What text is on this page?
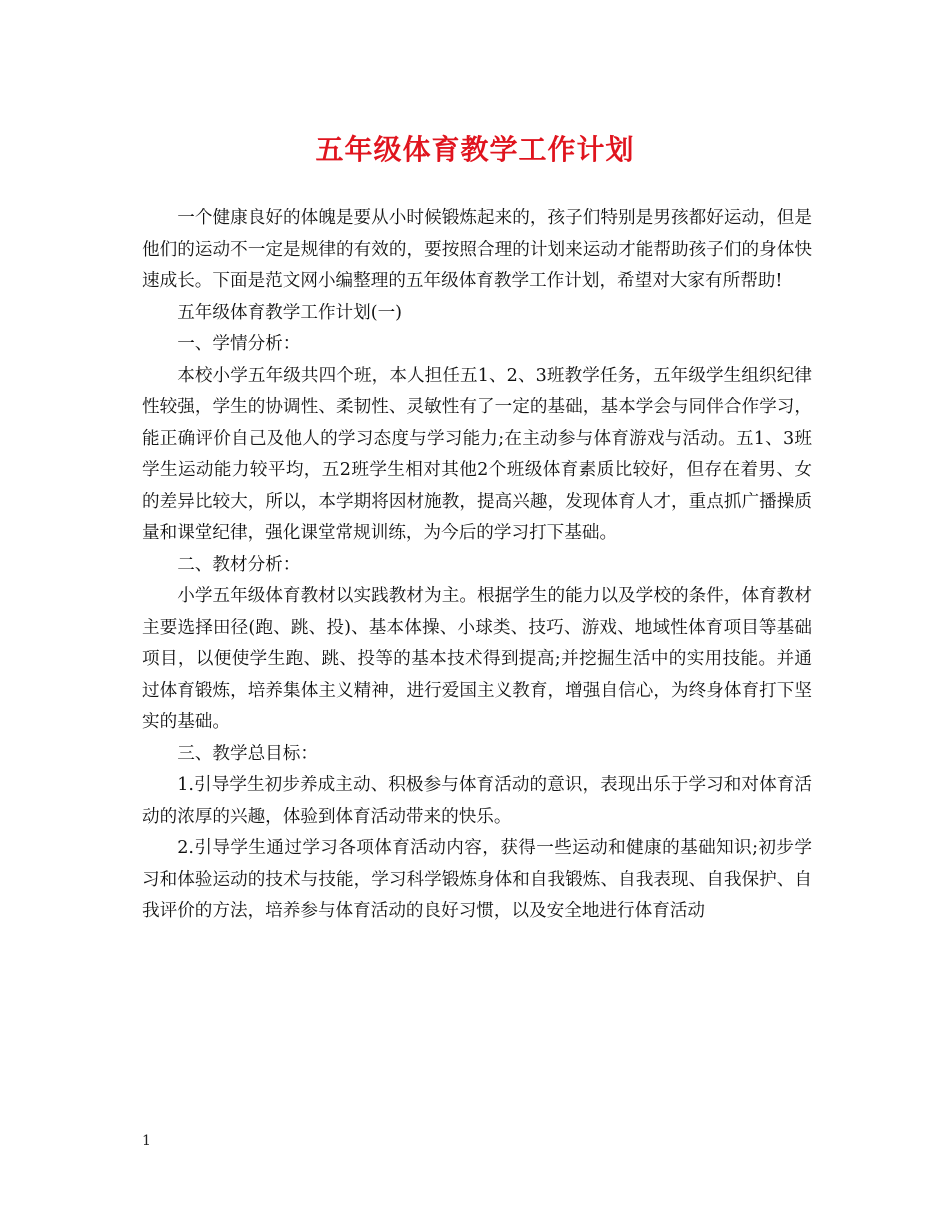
五年级体育教学工作计划

一个健康良好的体魄是要从小时候锻炼起来的，孩子们特别是男孩都好运动，但是他们的运动不一定是规律的有效的，要按照合理的计划来运动才能帮助孩子们的身体快速成长。下面是范文网小编整理的五年级体育教学工作计划，希望对大家有所帮助!

五年级体育教学工作计划(一)

一、学情分析：

本校小学五年级共四个班，本人担任五1、2、3班教学任务，五年级学生组织纪律性较强，学生的协调性、柔韧性、灵敏性有了一定的基础，基本学会与同伴合作学习，能正确评价自己及他人的学习态度与学习能力;在主动参与体育游戏与活动。五1、3班学生运动能力较平均，五2班学生相对其他2个班级体育素质比较好，但存在着男、女的差异比较大，所以，本学期将因材施教，提高兴趣，发现体育人才，重点抓广播操质量和课堂纪律，强化课堂常规训练，为今后的学习打下基础。

二、教材分析：

小学五年级体育教材以实践教材为主。根据学生的能力以及学校的条件，体育教材主要选择田径(跑、跳、投)、基本体操、小球类、技巧、游戏、地域性体育项目等基础项目，以便使学生跑、跳、投等的基本技术得到提高;并挖掘生活中的实用技能。并通过体育锻炼，培养集体主义精神，进行爱国主义教育，增强自信心，为终身体育打下坚实的基础。

三、教学总目标：

1.引导学生初步养成主动、积极参与体育活动的意识，表现出乐于学习和对体育活动的浓厚的兴趣，体验到体育活动带来的快乐。

2.引导学生通过学习各项体育活动内容，获得一些运动和健康的基础知识;初步学习和体验运动的技术与技能，学习科学锻炼身体和自我锻炼、自我表现、自我保护、自我评价的方法，培养参与体育活动的良好习惯，以及安全地进行体育活动

1
